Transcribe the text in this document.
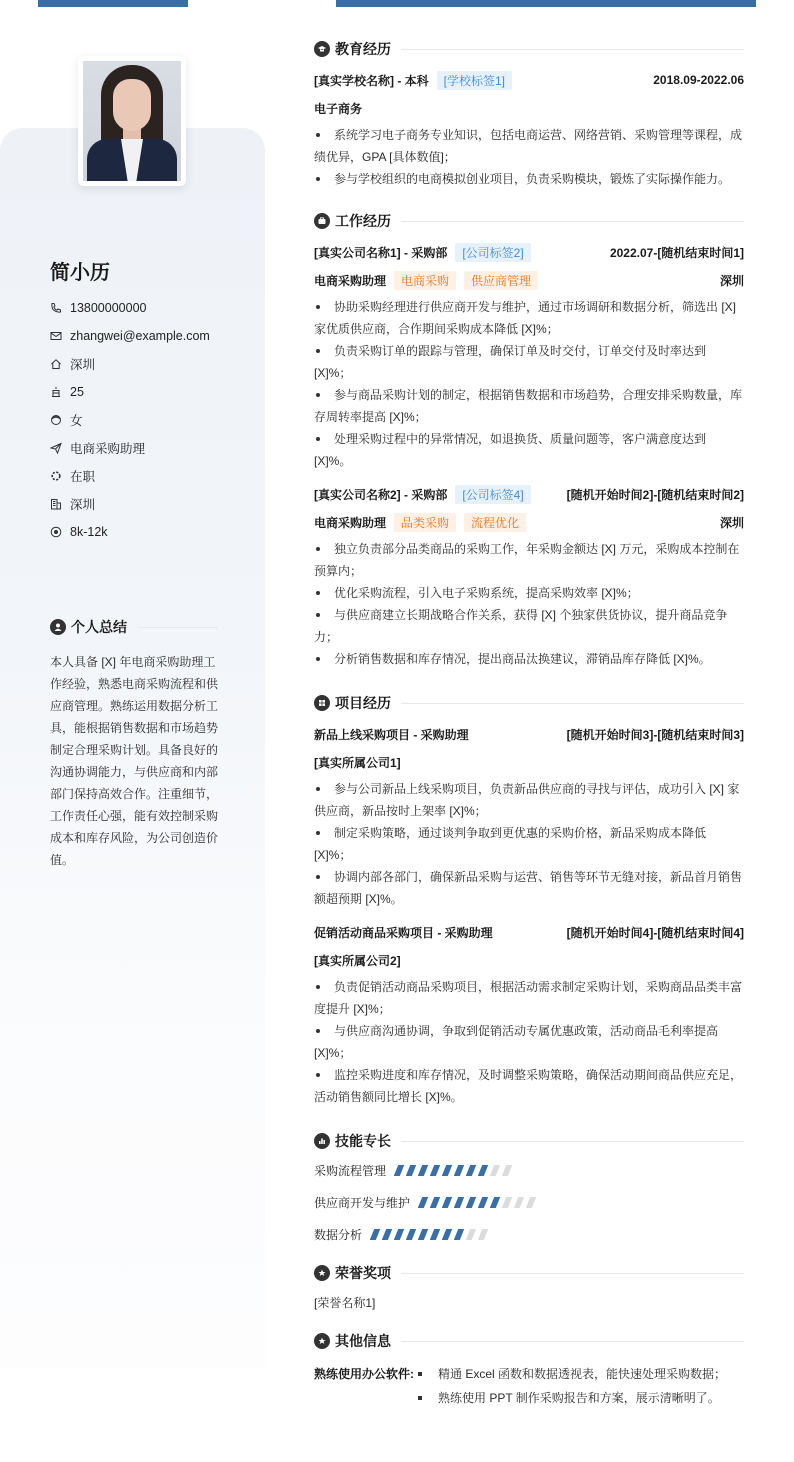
简小历
13800000000
zhangwei@example.com
深圳
25
女
电商采购助理
在职
深圳
8k-12k
个人总结
本人具备 [X] 年电商采购助理工作经验，熟悉电商采购流程和供应商管理。熟练运用数据分析工具，能根据销售数据和市场趋势制定合理采购计划。具备良好的沟通协调能力，与供应商和内部部门保持高效合作。注重细节，工作责任心强，能有效控制采购成本和库存风险，为公司创造价值。
教育经历
[真实学校名称] - 本科	[学校标签1]	2018.09-2022.06
电子商务
系统学习电子商务专业知识，包括电商运营、网络营销、采购管理等课程，成绩优异，GPA [具体数值]；
参与学校组织的电商模拟创业项目，负责采购模块，锻炼了实际操作能力。
工作经历
[真实公司名称1] - 采购部	[公司标签2]	2022.07-[随机结束时间1]
电商采购助理	电商采购	供应商管理	深圳
协助采购经理进行供应商开发与维护，通过市场调研和数据分析，筛选出 [X] 家优质供应商，合作期间采购成本降低 [X]%；
负责采购订单的跟踪与管理，确保订单及时交付，订单交付及时率达到 [X]%；
参与商品采购计划的制定，根据销售数据和市场趋势，合理安排采购数量，库存周转率提高 [X]%；
处理采购过程中的异常情况，如退换货、质量问题等，客户满意度达到 [X]%。
[真实公司名称2] - 采购部	[公司标签4]	[随机开始时间2]-[随机结束时间2]
电商采购助理	品类采购	流程优化	深圳
独立负责部分品类商品的采购工作，年采购金额达 [X] 万元，采购成本控制在预算内；
优化采购流程，引入电子采购系统，提高采购效率 [X]%；
与供应商建立长期战略合作关系，获得 [X] 个独家供货协议，提升商品竞争力；
分析销售数据和库存情况，提出商品汰换建议，滞销品库存降低 [X]%。
项目经历
新品上线采购项目 - 采购助理	[随机开始时间3]-[随机结束时间3]
[真实所属公司1]
参与公司新品上线采购项目，负责新品供应商的寻找与评估，成功引入 [X] 家供应商，新品按时上架率 [X]%；
制定采购策略，通过谈判争取到更优惠的采购价格，新品采购成本降低 [X]%；
协调内部各部门，确保新品采购与运营、销售等环节无缝对接，新品首月销售额超预期 [X]%。
促销活动商品采购项目 - 采购助理	[随机开始时间4]-[随机结束时间4]
[真实所属公司2]
负责促销活动商品采购项目，根据活动需求制定采购计划，采购商品品类丰富度提升 [X]%；
与供应商沟通协调，争取到促销活动专属优惠政策，活动商品毛利率提高 [X]%；
监控采购进度和库存情况，及时调整采购策略，确保活动期间商品供应充足，活动销售额同比增长 [X]%。
技能专长
采购流程管理
供应商开发与维护
数据分析
荣誉奖项
[荣誉名称1]
其他信息
熟练使用办公软件:	精通 Excel 函数和数据透视表，能快速处理采购数据；
熟练使用 PPT 制作采购报告和方案，展示清晰明了。
